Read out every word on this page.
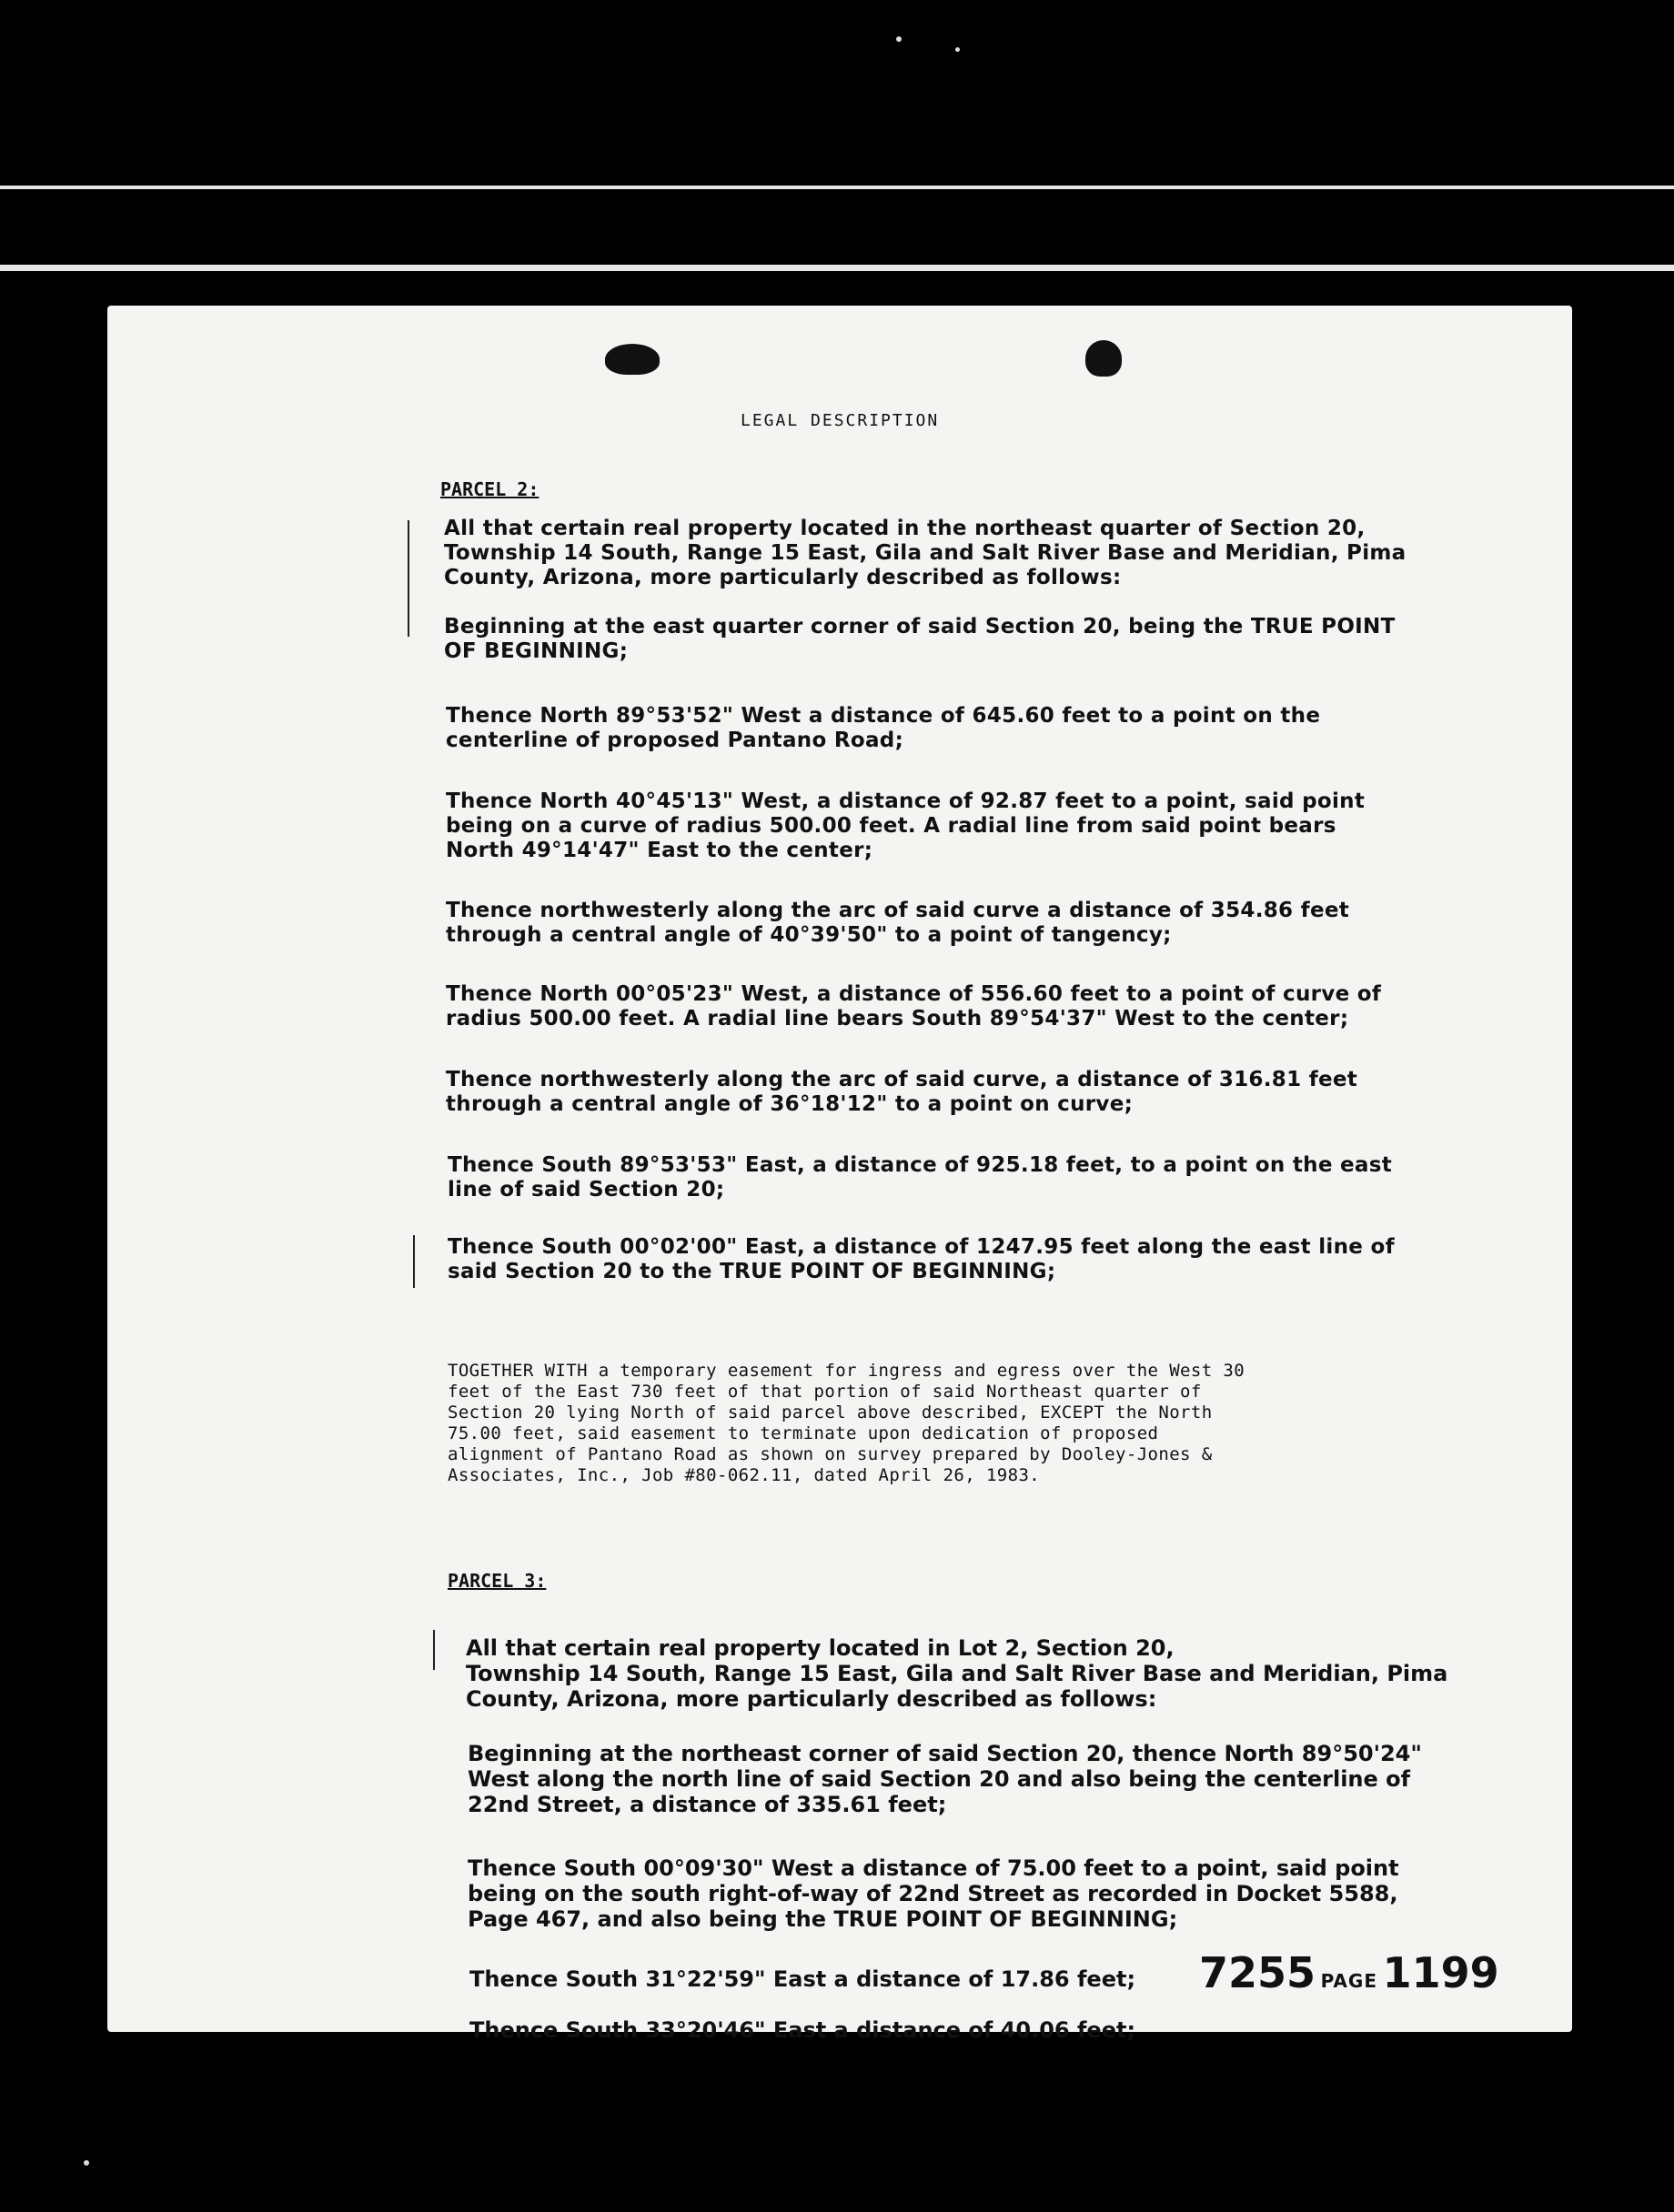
LEGAL DESCRIPTION

PARCEL 2:

All that certain real property located in the northeast quarter of Section 20,
Township 14 South, Range 15 East, Gila and Salt River Base and Meridian, Pima
County, Arizona, more particularly described as follows:
Beginning at the east quarter corner of said Section 20, being the TRUE POINT
OF BEGINNING;
Thence North 89°53'52" West a distance of 645.60 feet to a point on the
centerline of proposed Pantano Road;
Thence North 40°45'13" West, a distance of 92.87 feet to a point, said point
being on a curve of radius 500.00 feet. A radial line from said point bears
North 49°14'47" East to the center;
Thence northwesterly along the arc of said curve a distance of 354.86 feet
through a central angle of 40°39'50" to a point of tangency;
Thence North 00°05'23" West, a distance of 556.60 feet to a point of curve of
radius 500.00 feet. A radial line bears South 89°54'37" West to the center;
Thence northwesterly along the arc of said curve, a distance of 316.81 feet
through a central angle of 36°18'12" to a point on curve;
Thence South 89°53'53" East, a distance of 925.18 feet, to a point on the east
line of said Section 20;
Thence South 00°02'00" East, a distance of 1247.95 feet along the east line of
said Section 20 to the TRUE POINT OF BEGINNING;
TOGETHER WITH a temporary easement for ingress and egress over the West 30
feet of the East 730 feet of that portion of said Northeast quarter of
Section 20 lying North of said parcel above described, EXCEPT the North
75.00 feet, said easement to terminate upon dedication of proposed
alignment of Pantano Road as shown on survey prepared by Dooley-Jones &
Associates, Inc., Job #80-062.11, dated April 26, 1983.

PARCEL 3:

All that certain real property located in Lot 2, Section 20,
Township 14 South, Range 15 East, Gila and Salt River Base and Meridian, Pima
County, Arizona, more particularly described as follows:
Beginning at the northeast corner of said Section 20, thence North 89°50'24"
West along the north line of said Section 20 and also being the centerline of
22nd Street, a distance of 335.61 feet;
Thence South 00°09'30" West a distance of 75.00 feet to a point, said point
being on the south right-of-way of 22nd Street as recorded in Docket 5588,
Page 467, and also being the TRUE POINT OF BEGINNING;
Thence South 31°22'59" East a distance of 17.86 feet; 7255 PAGE 1199
Thence South 33°20'46" East a distance of 40.06 feet;
